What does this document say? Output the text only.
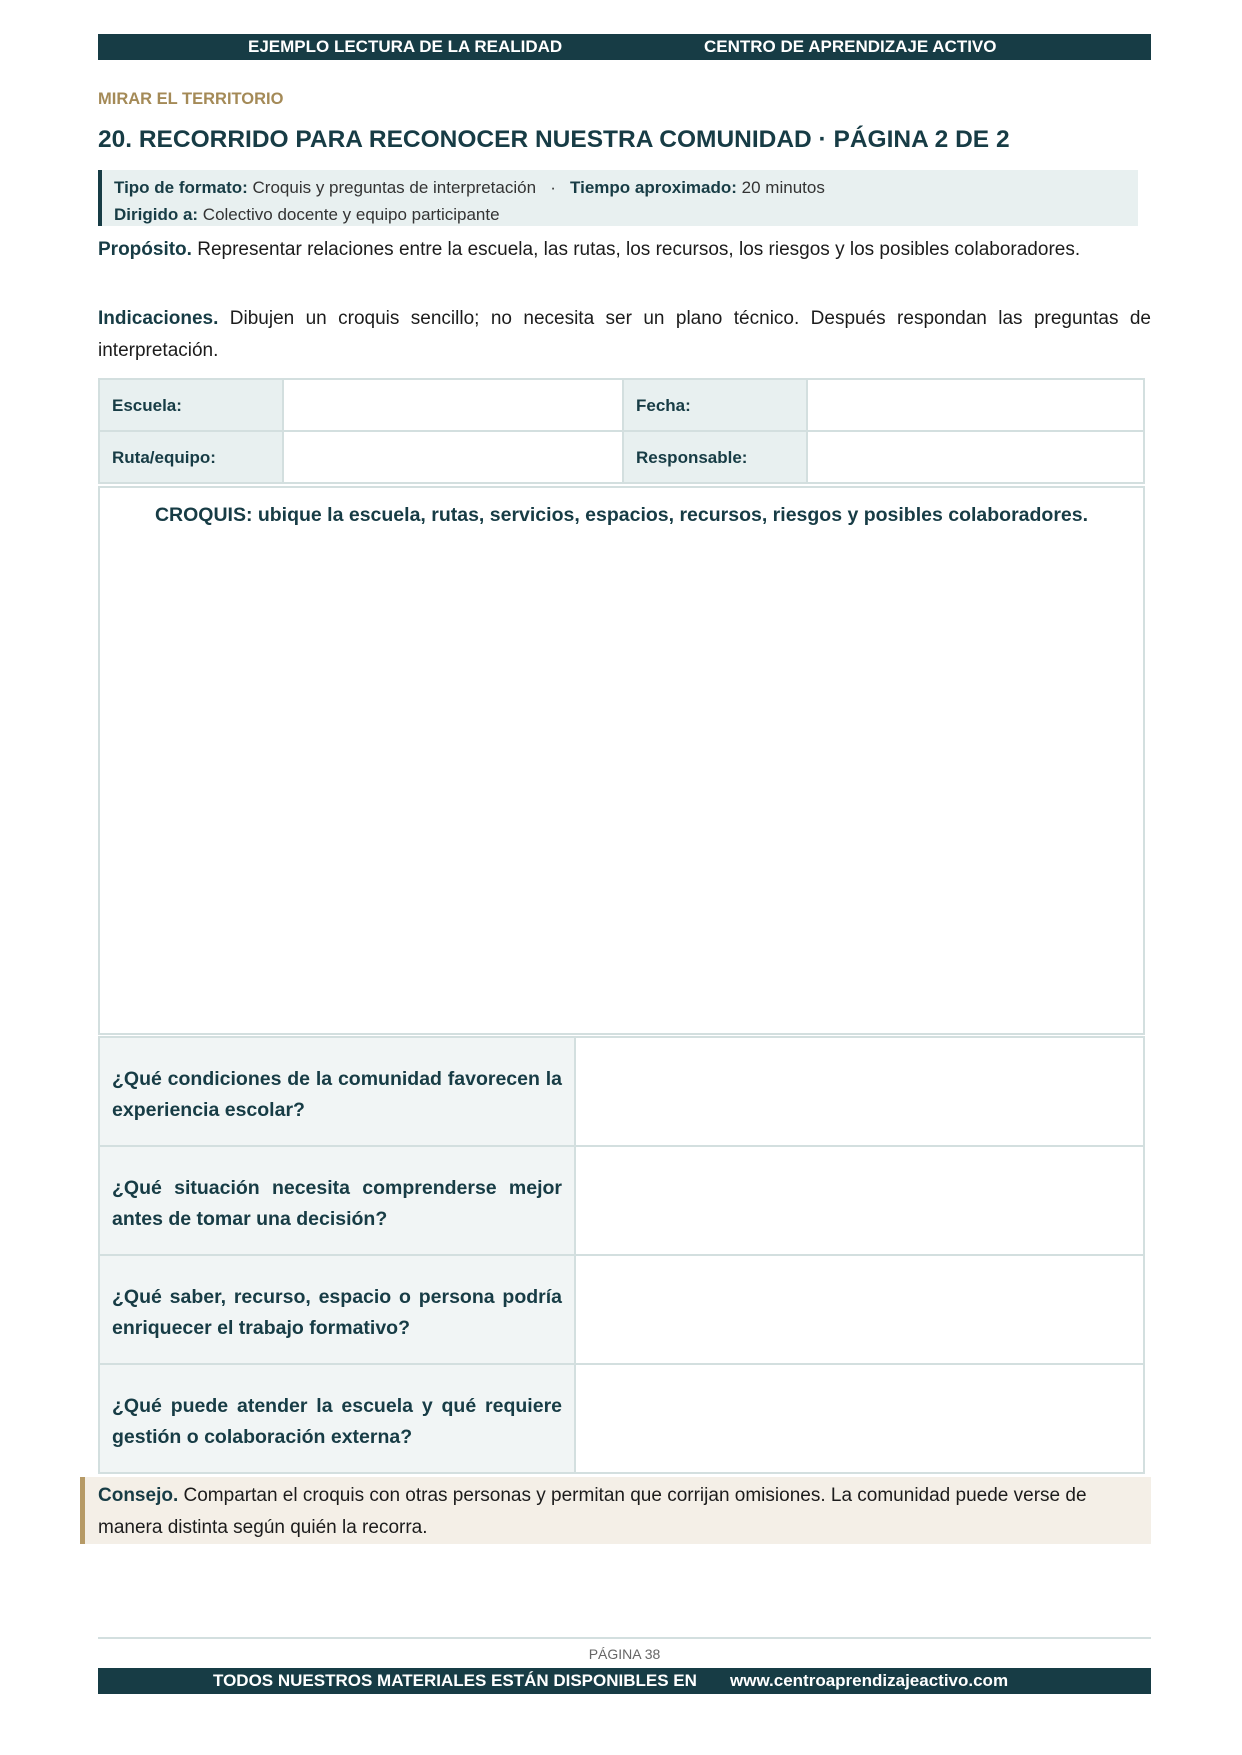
EJEMPLO LECTURA DE LA REALIDAD	CENTRO DE APRENDIZAJE ACTIVO
MIRAR EL TERRITORIO
20. RECORRIDO PARA RECONOCER NUESTRA COMUNIDAD · PÁGINA 2 DE 2
Tipo de formato: Croquis y preguntas de interpretación · Tiempo aproximado: 20 minutos
Dirigido a: Colectivo docente y equipo participante
Propósito. Representar relaciones entre la escuela, las rutas, los recursos, los riesgos y los posibles colaboradores.
Indicaciones. Dibujen un croquis sencillo; no necesita ser un plano técnico. Después respondan las preguntas de interpretación.
Escuela:	Fecha:
Ruta/equipo:	Responsable:
CROQUIS: ubique la escuela, rutas, servicios, espacios, recursos, riesgos y posibles colaboradores.
¿Qué condiciones de la comunidad favorecen la experiencia escolar?
¿Qué situación necesita comprenderse mejor antes de tomar una decisión?
¿Qué saber, recurso, espacio o persona podría enriquecer el trabajo formativo?
¿Qué puede atender la escuela y qué requiere gestión o colaboración externa?
Consejo. Compartan el croquis con otras personas y permitan que corrijan omisiones. La comunidad puede verse de manera distinta según quién la recorra.
PÁGINA 38
TODOS NUESTROS MATERIALES ESTÁN DISPONIBLES EN www.centroaprendizajeactivo.com
